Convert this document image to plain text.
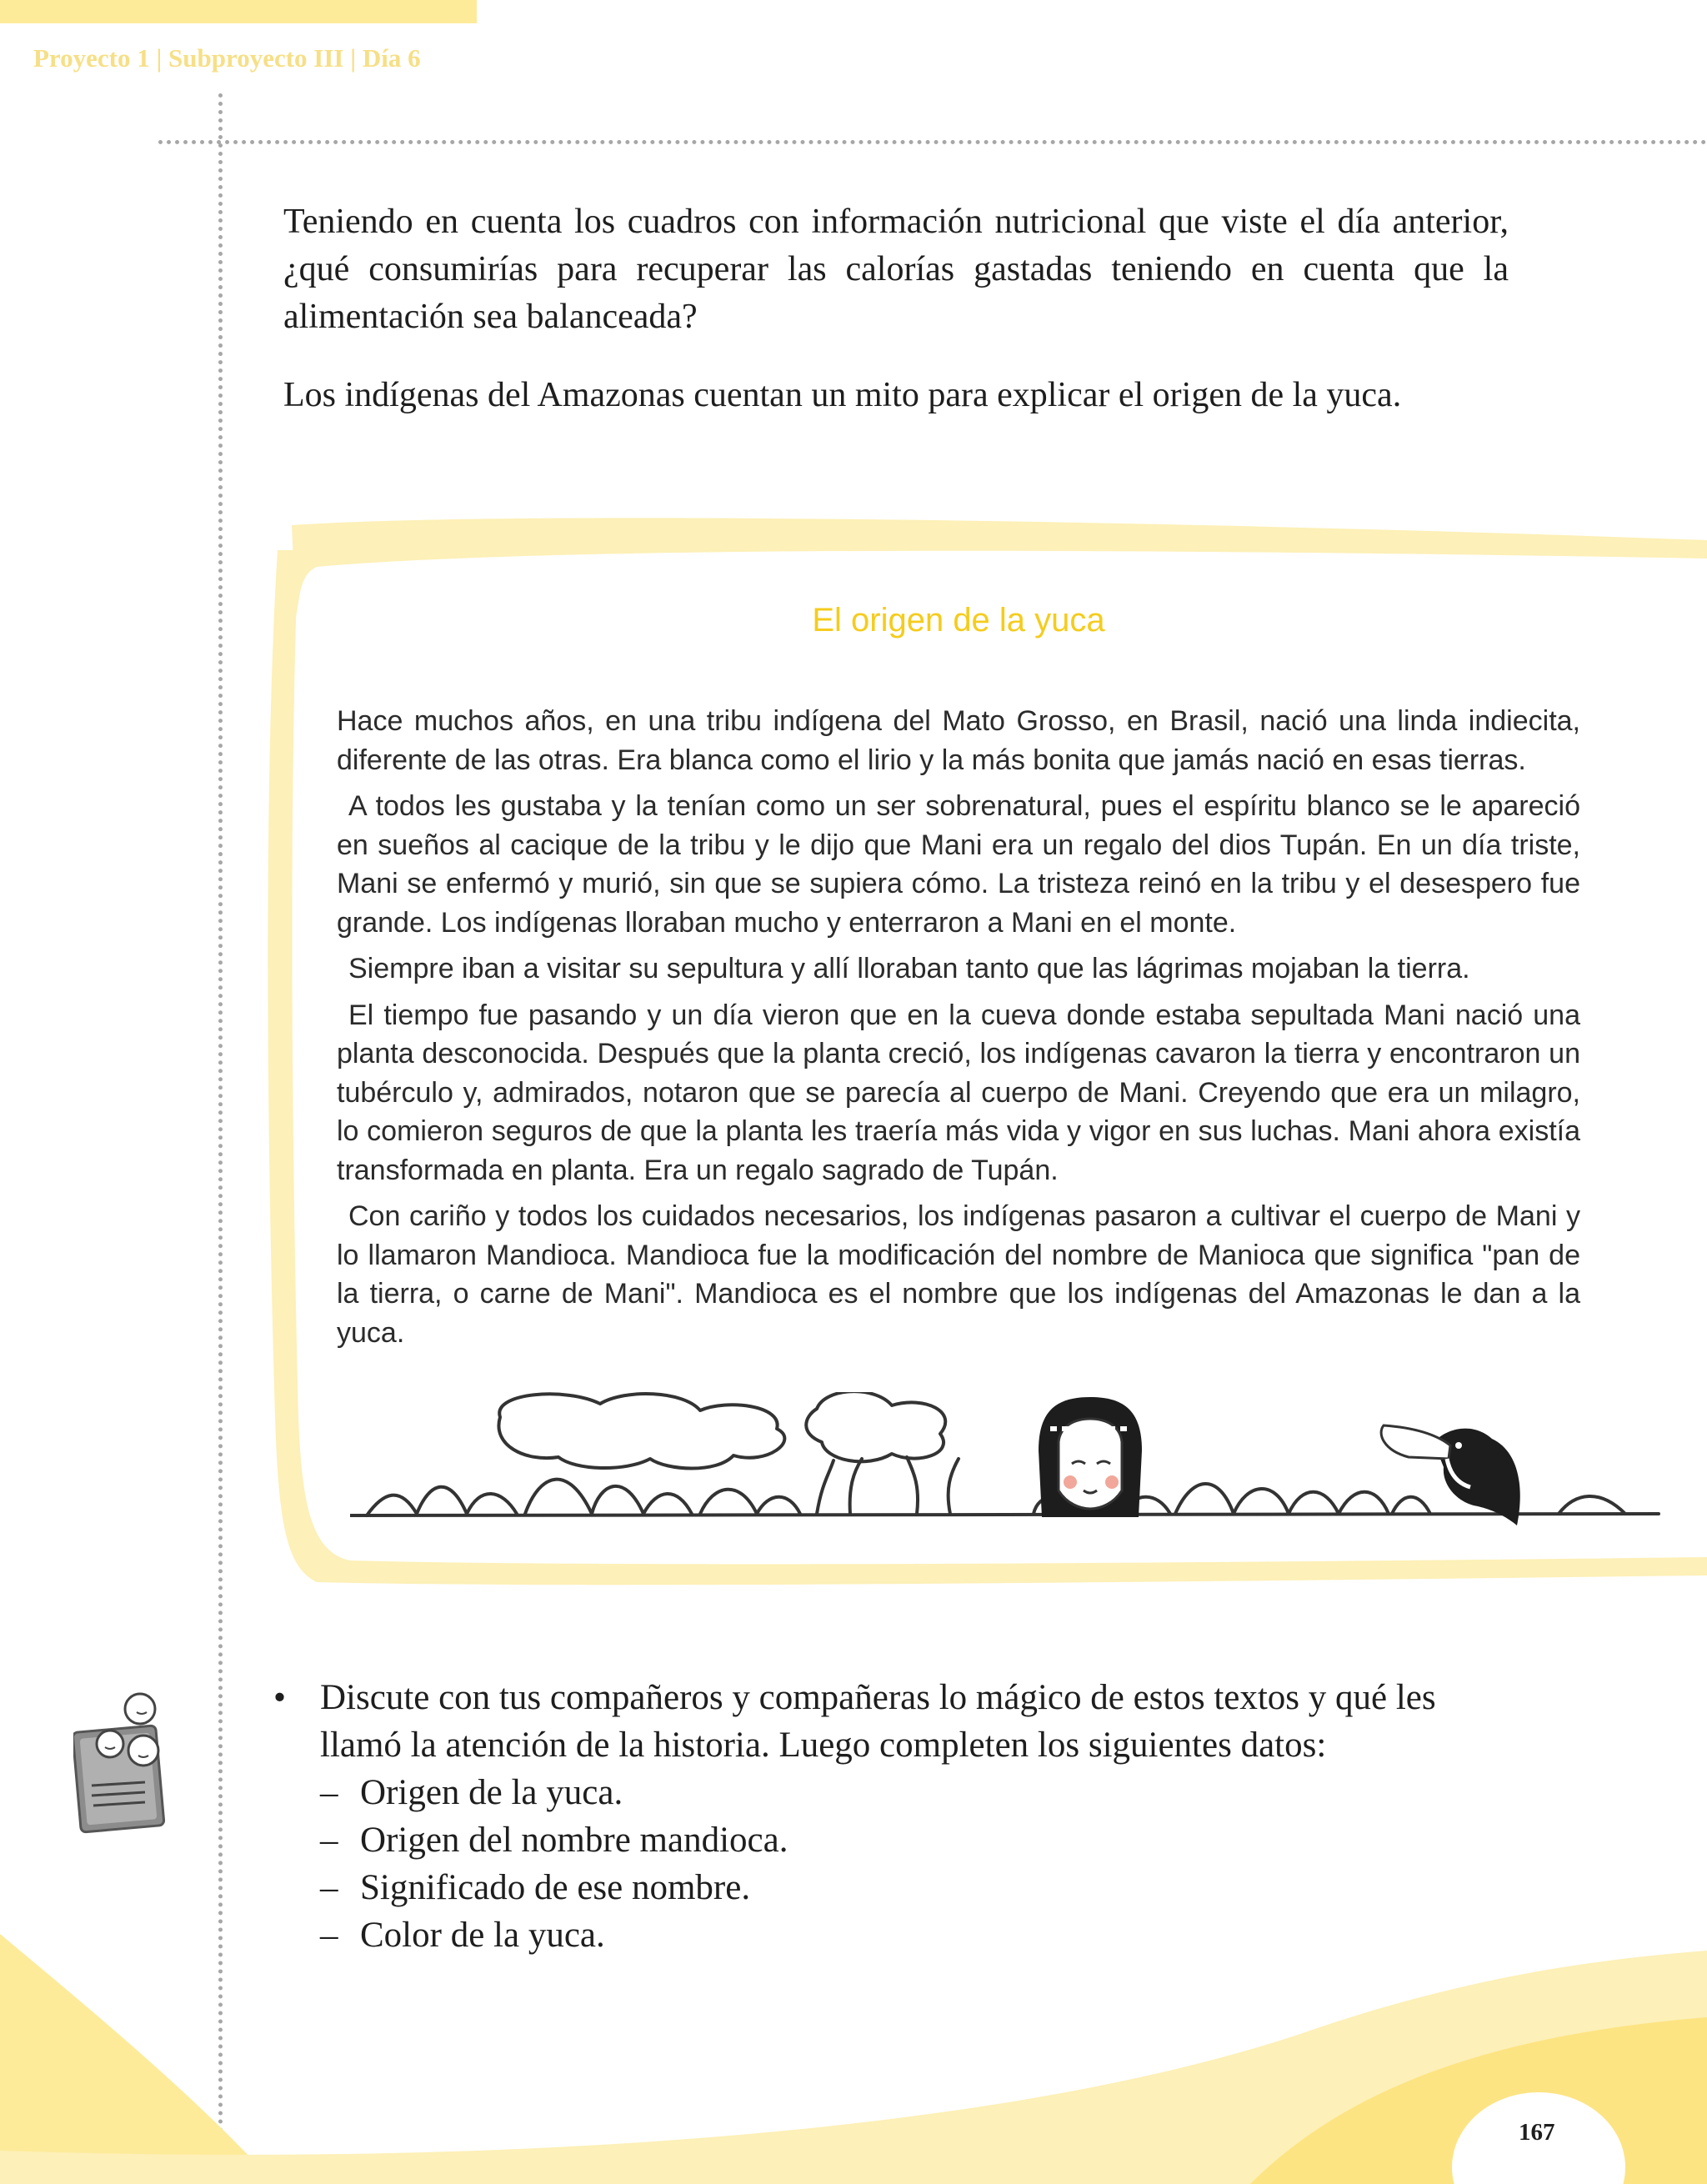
Proyecto 1 | Subproyecto III | Día 6

Teniendo en cuenta los cuadros con información nutricional que viste el día anterior, ¿qué consumirías para recuperar las calorías gastadas teniendo en cuenta que la alimentación sea balanceada?

Los indígenas del Amazonas cuentan un mito para explicar el origen de la yuca.

El origen de la yuca

Hace muchos años, en una tribu indígena del Mato Grosso, en Brasil, nació una linda indiecita, diferente de las otras. Era blanca como el lirio y la más bonita que jamás nació en esas tierras.

A todos les gustaba y la tenían como un ser sobrenatural, pues el espíritu blanco se le apareció en sueños al cacique de la tribu y le dijo que Mani era un regalo del dios Tupán. En un día triste, Mani se enfermó y murió, sin que se supiera cómo. La tristeza reinó en la tribu y el desespero fue grande. Los indígenas lloraban mucho y enterraron a Mani en el monte.

Siempre iban a visitar su sepultura y allí lloraban tanto que las lágrimas mojaban la tierra.

El tiempo fue pasando y un día vieron que en la cueva donde estaba sepultada Mani nació una planta desconocida. Después que la planta creció, los indígenas cavaron la tierra y encontraron un tubérculo y, admirados, notaron que se parecía al cuerpo de Mani. Creyendo que era un milagro, lo comieron seguros de que la planta les traería más vida y vigor en sus luchas. Mani ahora existía transformada en planta. Era un regalo sagrado de Tupán.

Con cariño y todos los cuidados necesarios, los indígenas pasaron a cultivar el cuerpo de Mani y lo llamaron Mandioca. Mandioca fue la modificación del nombre de Manioca que significa "pan de la tierra, o carne de Mani". Mandioca es el nombre que los indígenas del Amazonas le dan a la yuca.

• Discute con tus compañeros y compañeras lo mágico de estos textos y qué les llamó la atención de la historia. Luego completen los siguientes datos:
– Origen de la yuca.
– Origen del nombre mandioca.
– Significado de ese nombre.
– Color de la yuca.
167
